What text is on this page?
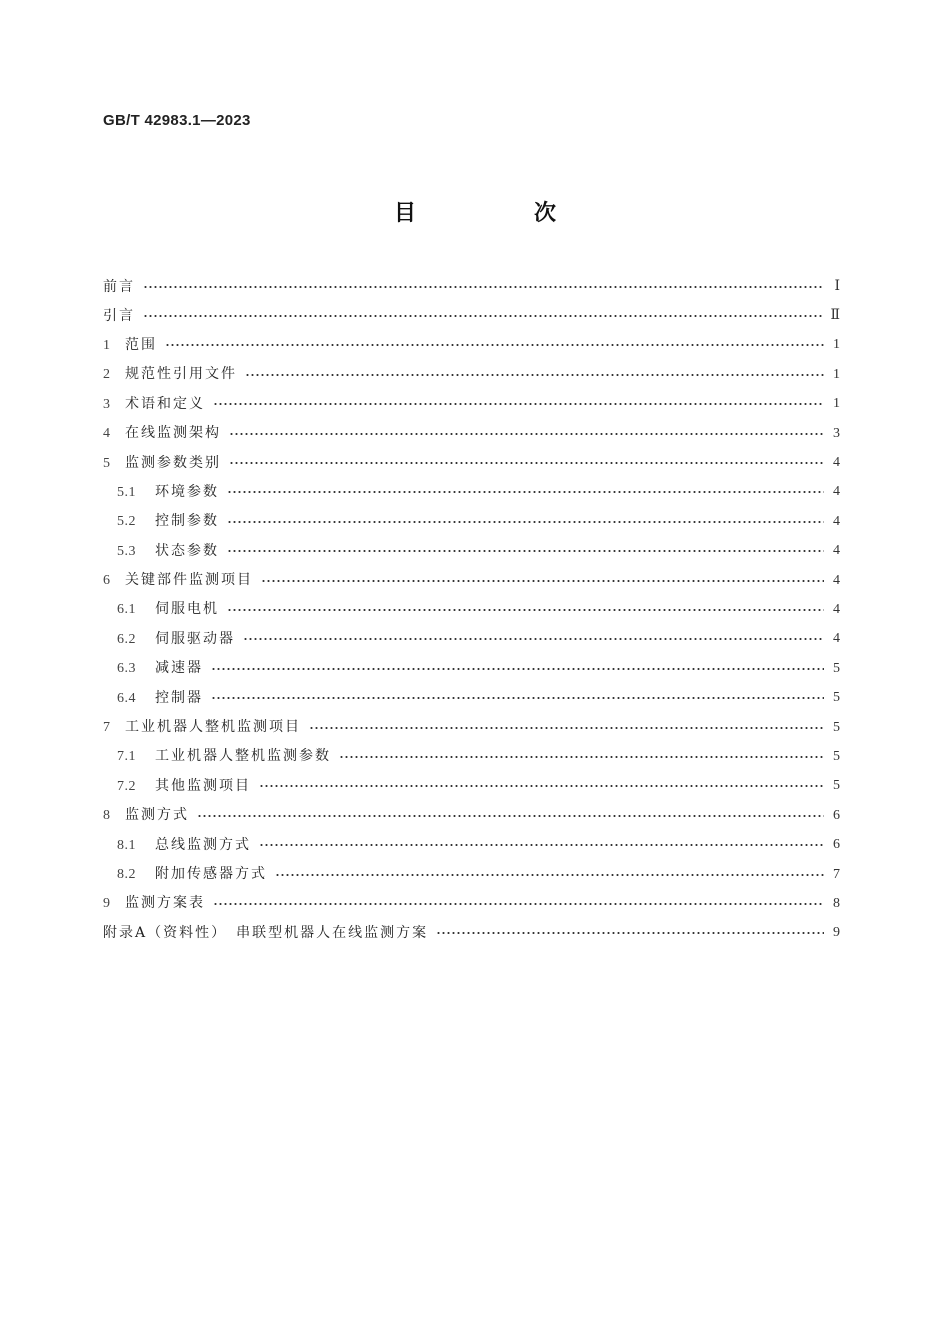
GB/T 42983.1—2023
目　次
前言	Ⅰ
引言	Ⅱ
1 范围	1
2 规范性引用文件	1
3 术语和定义	1
4 在线监测架构	3
5 监测参数类别	4
5.1 环境参数	4
5.2 控制参数	4
5.3 状态参数	4
6 关键部件监测项目	4
6.1 伺服电机	4
6.2 伺服驱动器	4
6.3 减速器	5
6.4 控制器	5
7 工业机器人整机监测项目	5
7.1 工业机器人整机监测参数	5
7.2 其他监测项目	5
8 监测方式	6
8.1 总线监测方式	6
8.2 附加传感器方式	7
9 监测方案表	8
附录A（资料性）　串联型机器人在线监测方案	9
